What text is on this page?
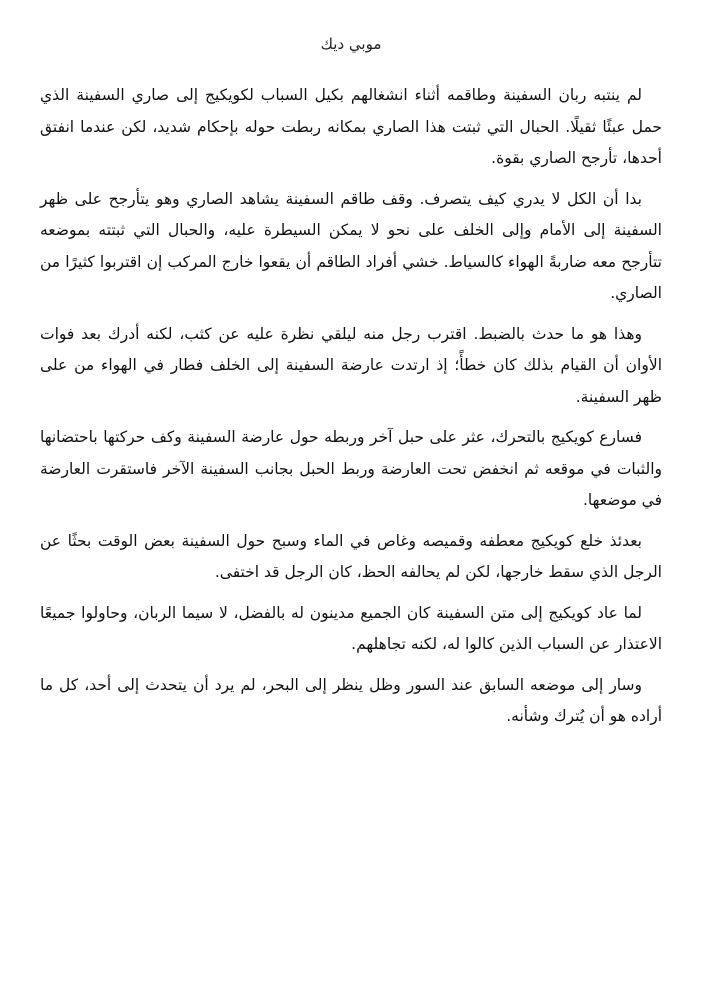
موبي ديك

لم ينتبه ربان السفينة وطاقمه أثناء انشغالهم بكيل السباب لكويكيج إلى صاري السفينة الذي حمل عبئًا ثقيلًا. الحبال التي ثبتت هذا الصاري بمكانه ربطت حوله بإحكام شديد، لكن عندما انفتق أحدها، تأرجح الصاري بقوة.

بدا أن الكل لا يدري كيف يتصرف. وقف طاقم السفينة يشاهد الصاري وهو يتأرجح على ظهر السفينة إلى الأمام وإلى الخلف على نحو لا يمكن السيطرة عليه، والحبال التي ثبتته بموضعه تتأرجح معه ضاربةً الهواء كالسياط. خشي أفراد الطاقم أن يقعوا خارج المركب إن اقتربوا كثيرًا من الصاري.

وهذا هو ما حدث بالضبط. اقترب رجل منه ليلقي نظرة عليه عن كثب، لكنه أدرك بعد فوات الأوان أن القيام بذلك كان خطأً؛ إذ ارتدت عارضة السفينة إلى الخلف فطار في الهواء من على ظهر السفينة.

فسارع كويكيج بالتحرك، عثر على حبل آخر وربطه حول عارضة السفينة وكف حركتها باحتضانها والثبات في موقعه ثم انخفض تحت العارضة وربط الحبل بجانب السفينة الآخر فاستقرت العارضة في موضعها.

بعدئذ خلع كويكيج معطفه وقميصه وغاص في الماء وسبح حول السفينة بعض الوقت بحثًا عن الرجل الذي سقط خارجها، لكن لم يحالفه الحظ، كان الرجل قد اختفى.

لما عاد كويكيج إلى متن السفينة كان الجميع مدينون له بالفضل، لا سيما الربان، وحاولوا جميعًا الاعتذار عن السباب الذين كالوا له، لكنه تجاهلهم.

وسار إلى موضعه السابق عند السور وظل ينظر إلى البحر، لم يرد أن يتحدث إلى أحد، كل ما أراده هو أن يُترك وشأنه.
